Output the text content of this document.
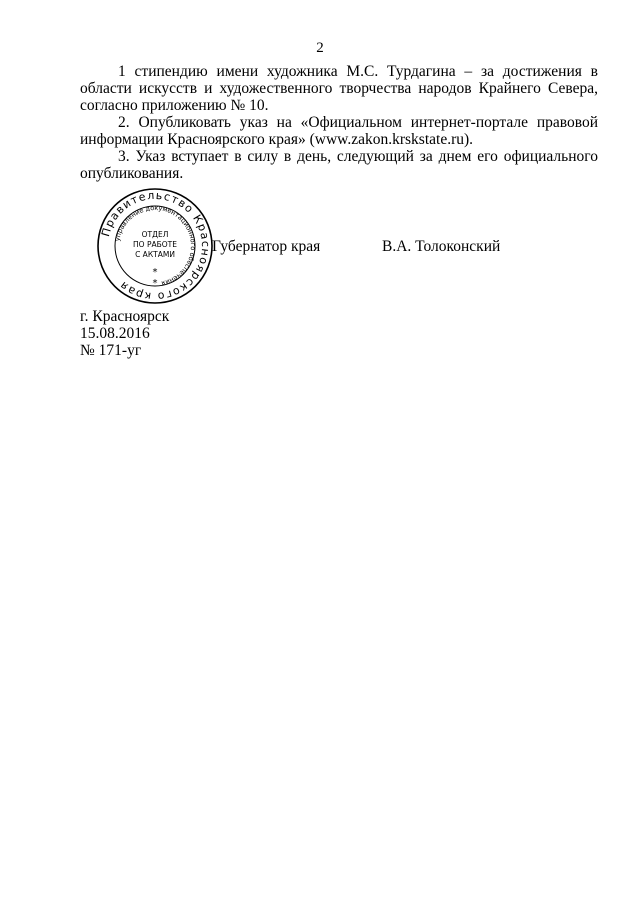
2

1 стипендию имени художника М.С. Турдагина – за достижения в области искусств и художественного творчества народов Крайнего Севера, согласно приложению № 10.

2. Опубликовать указ на «Официальном интернет-портале правовой информации Красноярского края» (www.zakon.krskstate.ru).

3. Указ вступает в силу в день, следующий за днем его официального опубликования.

Губернатор края	В.А. Толоконский
Правительство Красноярского края
управление документационного обеспечения
ОТДЕЛ
ПО РАБОТЕ
С АКТАМИ
*
*
г. Красноярск
15.08.2016
№ 171-уг
